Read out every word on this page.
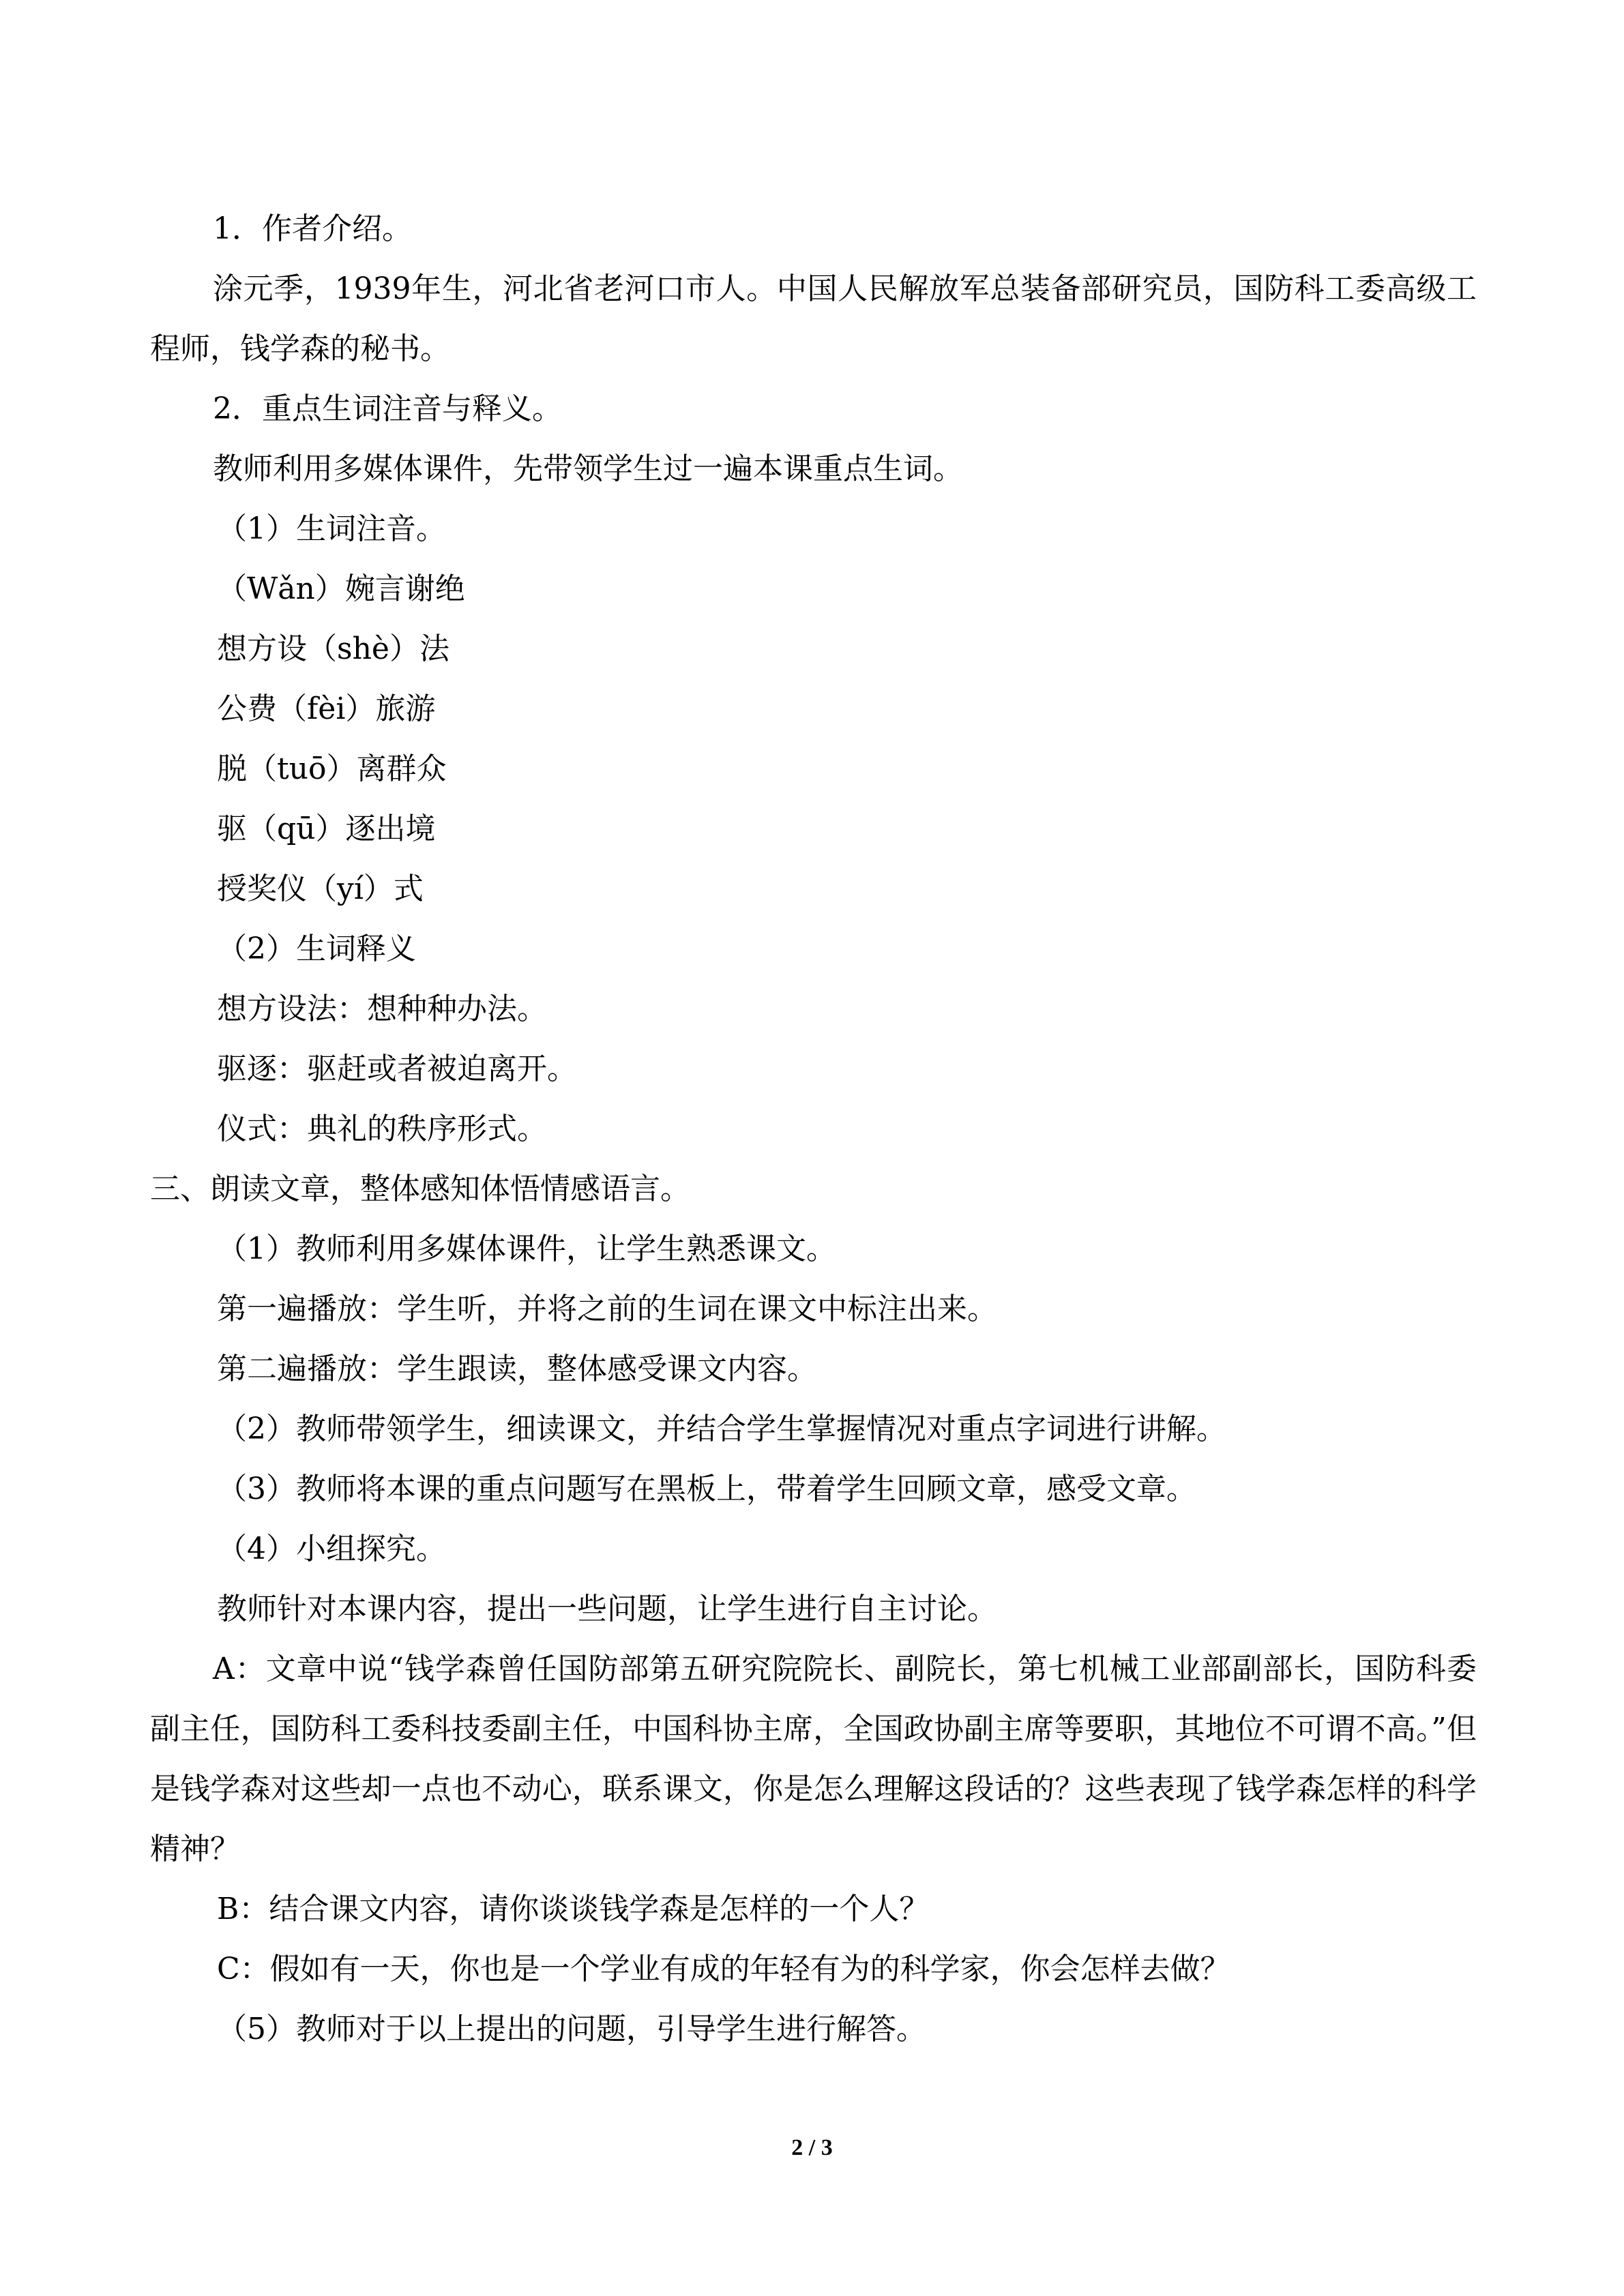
1．作者介绍。

涂元季，1939年生，河北省老河口市人。中国人民解放军总装备部研究员，国防科工委高级工程师，钱学森的秘书。

2．重点生词注音与释义。

教师利用多媒体课件，先带领学生过一遍本课重点生词。

（1）生词注音。

（Wǎn）婉言谢绝

想方设（shè）法

公费（fèi）旅游

脱（tuō）离群众

驱（qū）逐出境

授奖仪（yí）式

（2）生词释义

想方设法：想种种办法。

驱逐：驱赶或者被迫离开。

仪式：典礼的秩序形式。

三、朗读文章，整体感知体悟情感语言。

（1）教师利用多媒体课件，让学生熟悉课文。

第一遍播放：学生听，并将之前的生词在课文中标注出来。

第二遍播放：学生跟读，整体感受课文内容。

（2）教师带领学生，细读课文，并结合学生掌握情况对重点字词进行讲解。

（3）教师将本课的重点问题写在黑板上，带着学生回顾文章，感受文章。

（4）小组探究。

教师针对本课内容，提出一些问题，让学生进行自主讨论。

A：文章中说“钱学森曾任国防部第五研究院院长、副院长，第七机械工业部副部长，国防科委副主任，国防科工委科技委副主任，中国科协主席，全国政协副主席等要职，其地位不可谓不高。”但是钱学森对这些却一点也不动心，联系课文，你是怎么理解这段话的？这些表现了钱学森怎样的科学精神？

B：结合课文内容，请你谈谈钱学森是怎样的一个人？

C：假如有一天，你也是一个学业有成的年轻有为的科学家，你会怎样去做？

（5）教师对于以上提出的问题，引导学生进行解答。

2 / 3
